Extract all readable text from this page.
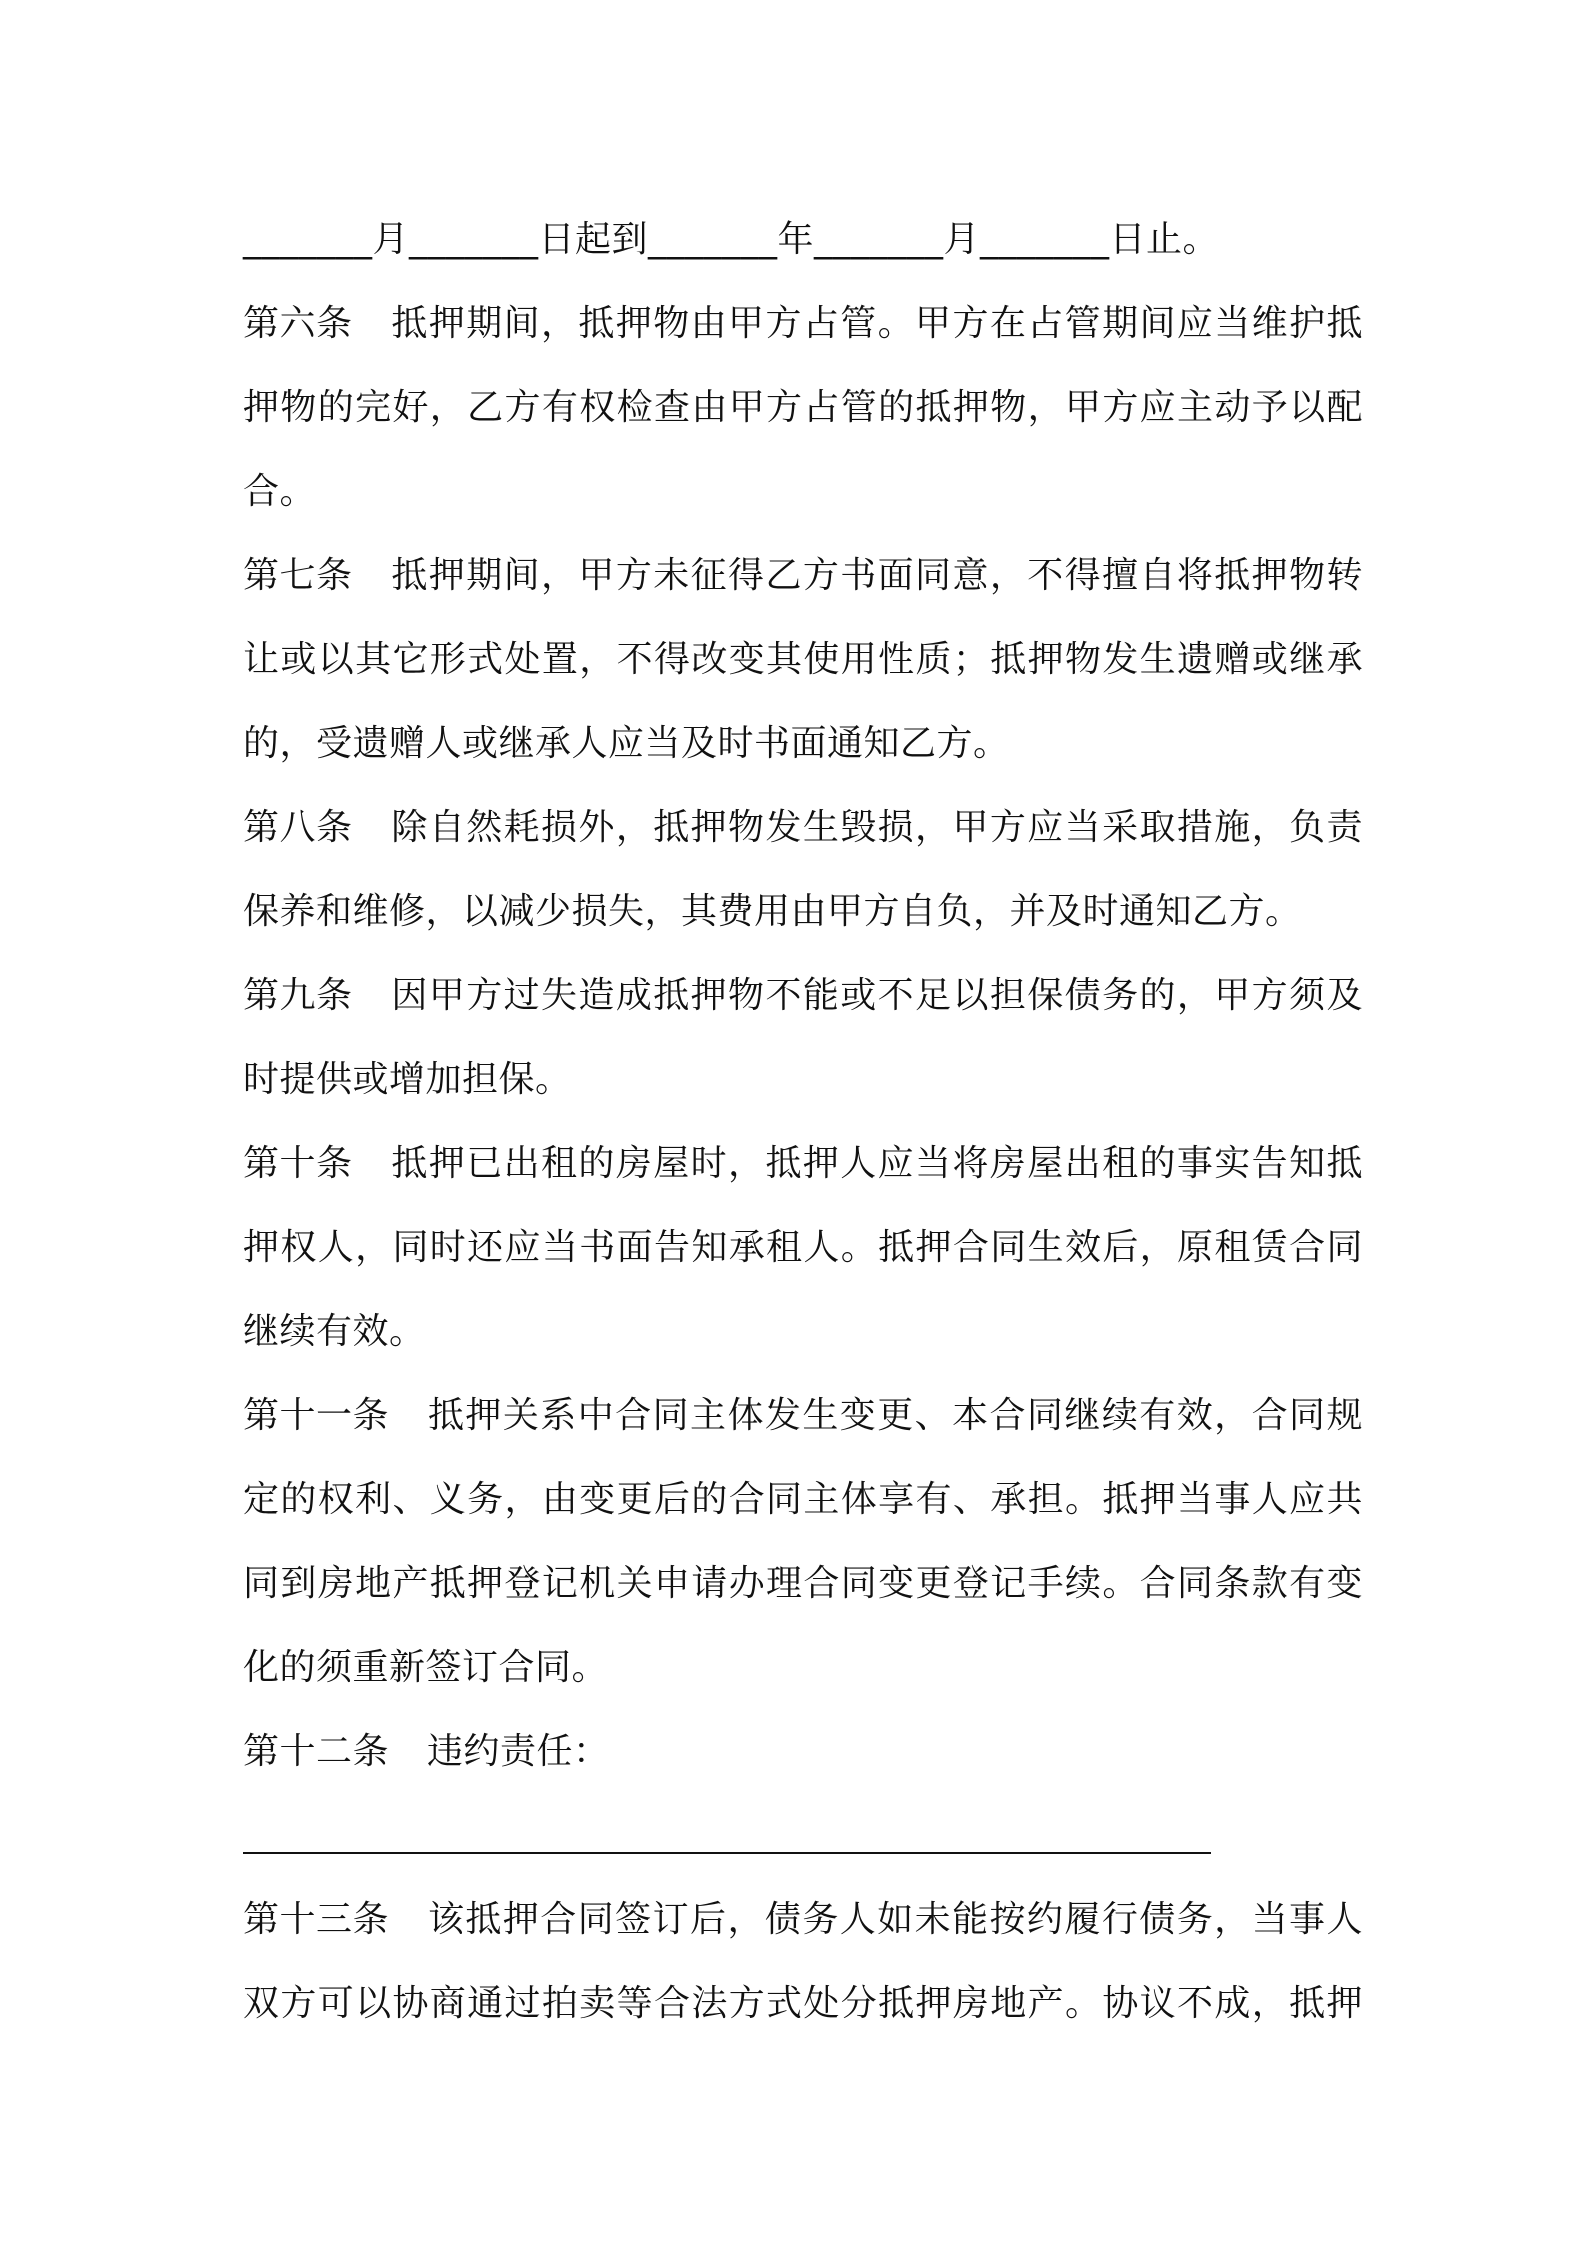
_______月_______日起到_______年_______月_______日止。
第六条 抵押期间，抵押物由甲方占管。甲方在占管期间应当维护抵
押物的完好，乙方有权检查由甲方占管的抵押物，甲方应主动予以配
合。
第七条 抵押期间，甲方未征得乙方书面同意，不得擅自将抵押物转
让或以其它形式处置，不得改变其使用性质；抵押物发生遗赠或继承
的，受遗赠人或继承人应当及时书面通知乙方。
第八条 除自然耗损外，抵押物发生毁损，甲方应当采取措施，负责
保养和维修，以减少损失，其费用由甲方自负，并及时通知乙方。
第九条 因甲方过失造成抵押物不能或不足以担保债务的，甲方须及
时提供或增加担保。
第十条 抵押已出租的房屋时，抵押人应当将房屋出租的事实告知抵
押权人，同时还应当书面告知承租人。抵押合同生效后，原租赁合同
继续有效。
第十一条 抵押关系中合同主体发生变更、本合同继续有效，合同规
定的权利、义务，由变更后的合同主体享有、承担。抵押当事人应共
同到房地产抵押登记机关申请办理合同变更登记手续。合同条款有变
化的须重新签订合同。
第十二条 违约责任：
第十三条 该抵押合同签订后，债务人如未能按约履行债务，当事人
双方可以协商通过拍卖等合法方式处分抵押房地产。协议不成，抵押
